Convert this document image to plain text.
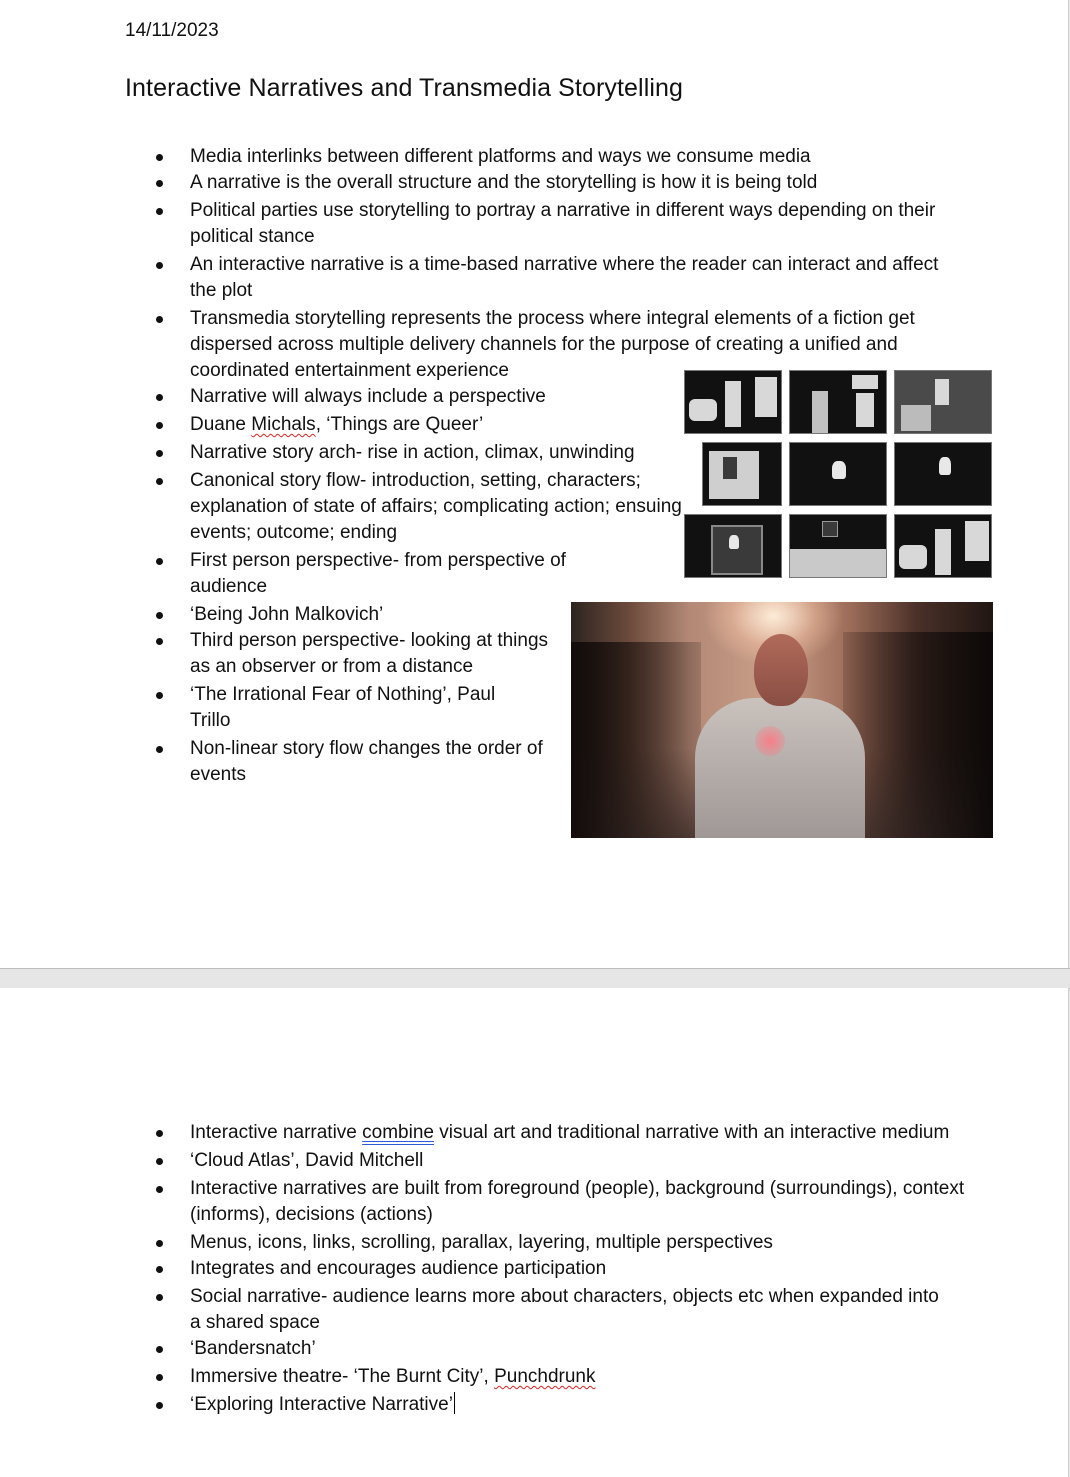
14/11/2023
Interactive Narratives and Transmedia Storytelling
Media interlinks between different platforms and ways we consume media
A narrative is the overall structure and the storytelling is how it is being told
Political parties use storytelling to portray a narrative in different ways depending on their political stance
An interactive narrative is a time-based narrative where the reader can interact and affect the plot
Transmedia storytelling represents the process where integral elements of a fiction get dispersed across multiple delivery channels for the purpose of creating a unified and coordinated entertainment experience
Narrative will always include a perspective
Duane Michals, ‘Things are Queer’
Narrative story arch- rise in action, climax, unwinding
Canonical story flow- introduction, setting, characters; explanation of state of affairs; complicating action; ensuing events; outcome; ending
First person perspective- from perspective of audience
‘Being John Malkovich’
Third person perspective- looking at things as an observer or from a distance
‘The Irrational Fear of Nothing’, Paul Trillo
Non-linear story flow changes the order of events
Interactive narrative combine visual art and traditional narrative with an interactive medium
‘Cloud Atlas’, David Mitchell
Interactive narratives are built from foreground (people), background (surroundings), context (informs), decisions (actions)
Menus, icons, links, scrolling, parallax, layering, multiple perspectives
Integrates and encourages audience participation
Social narrative- audience learns more about characters, objects etc when expanded into a shared space
‘Bandersnatch’
Immersive theatre- ‘The Burnt City’, Punchdrunk
‘Exploring Interactive Narrative’
